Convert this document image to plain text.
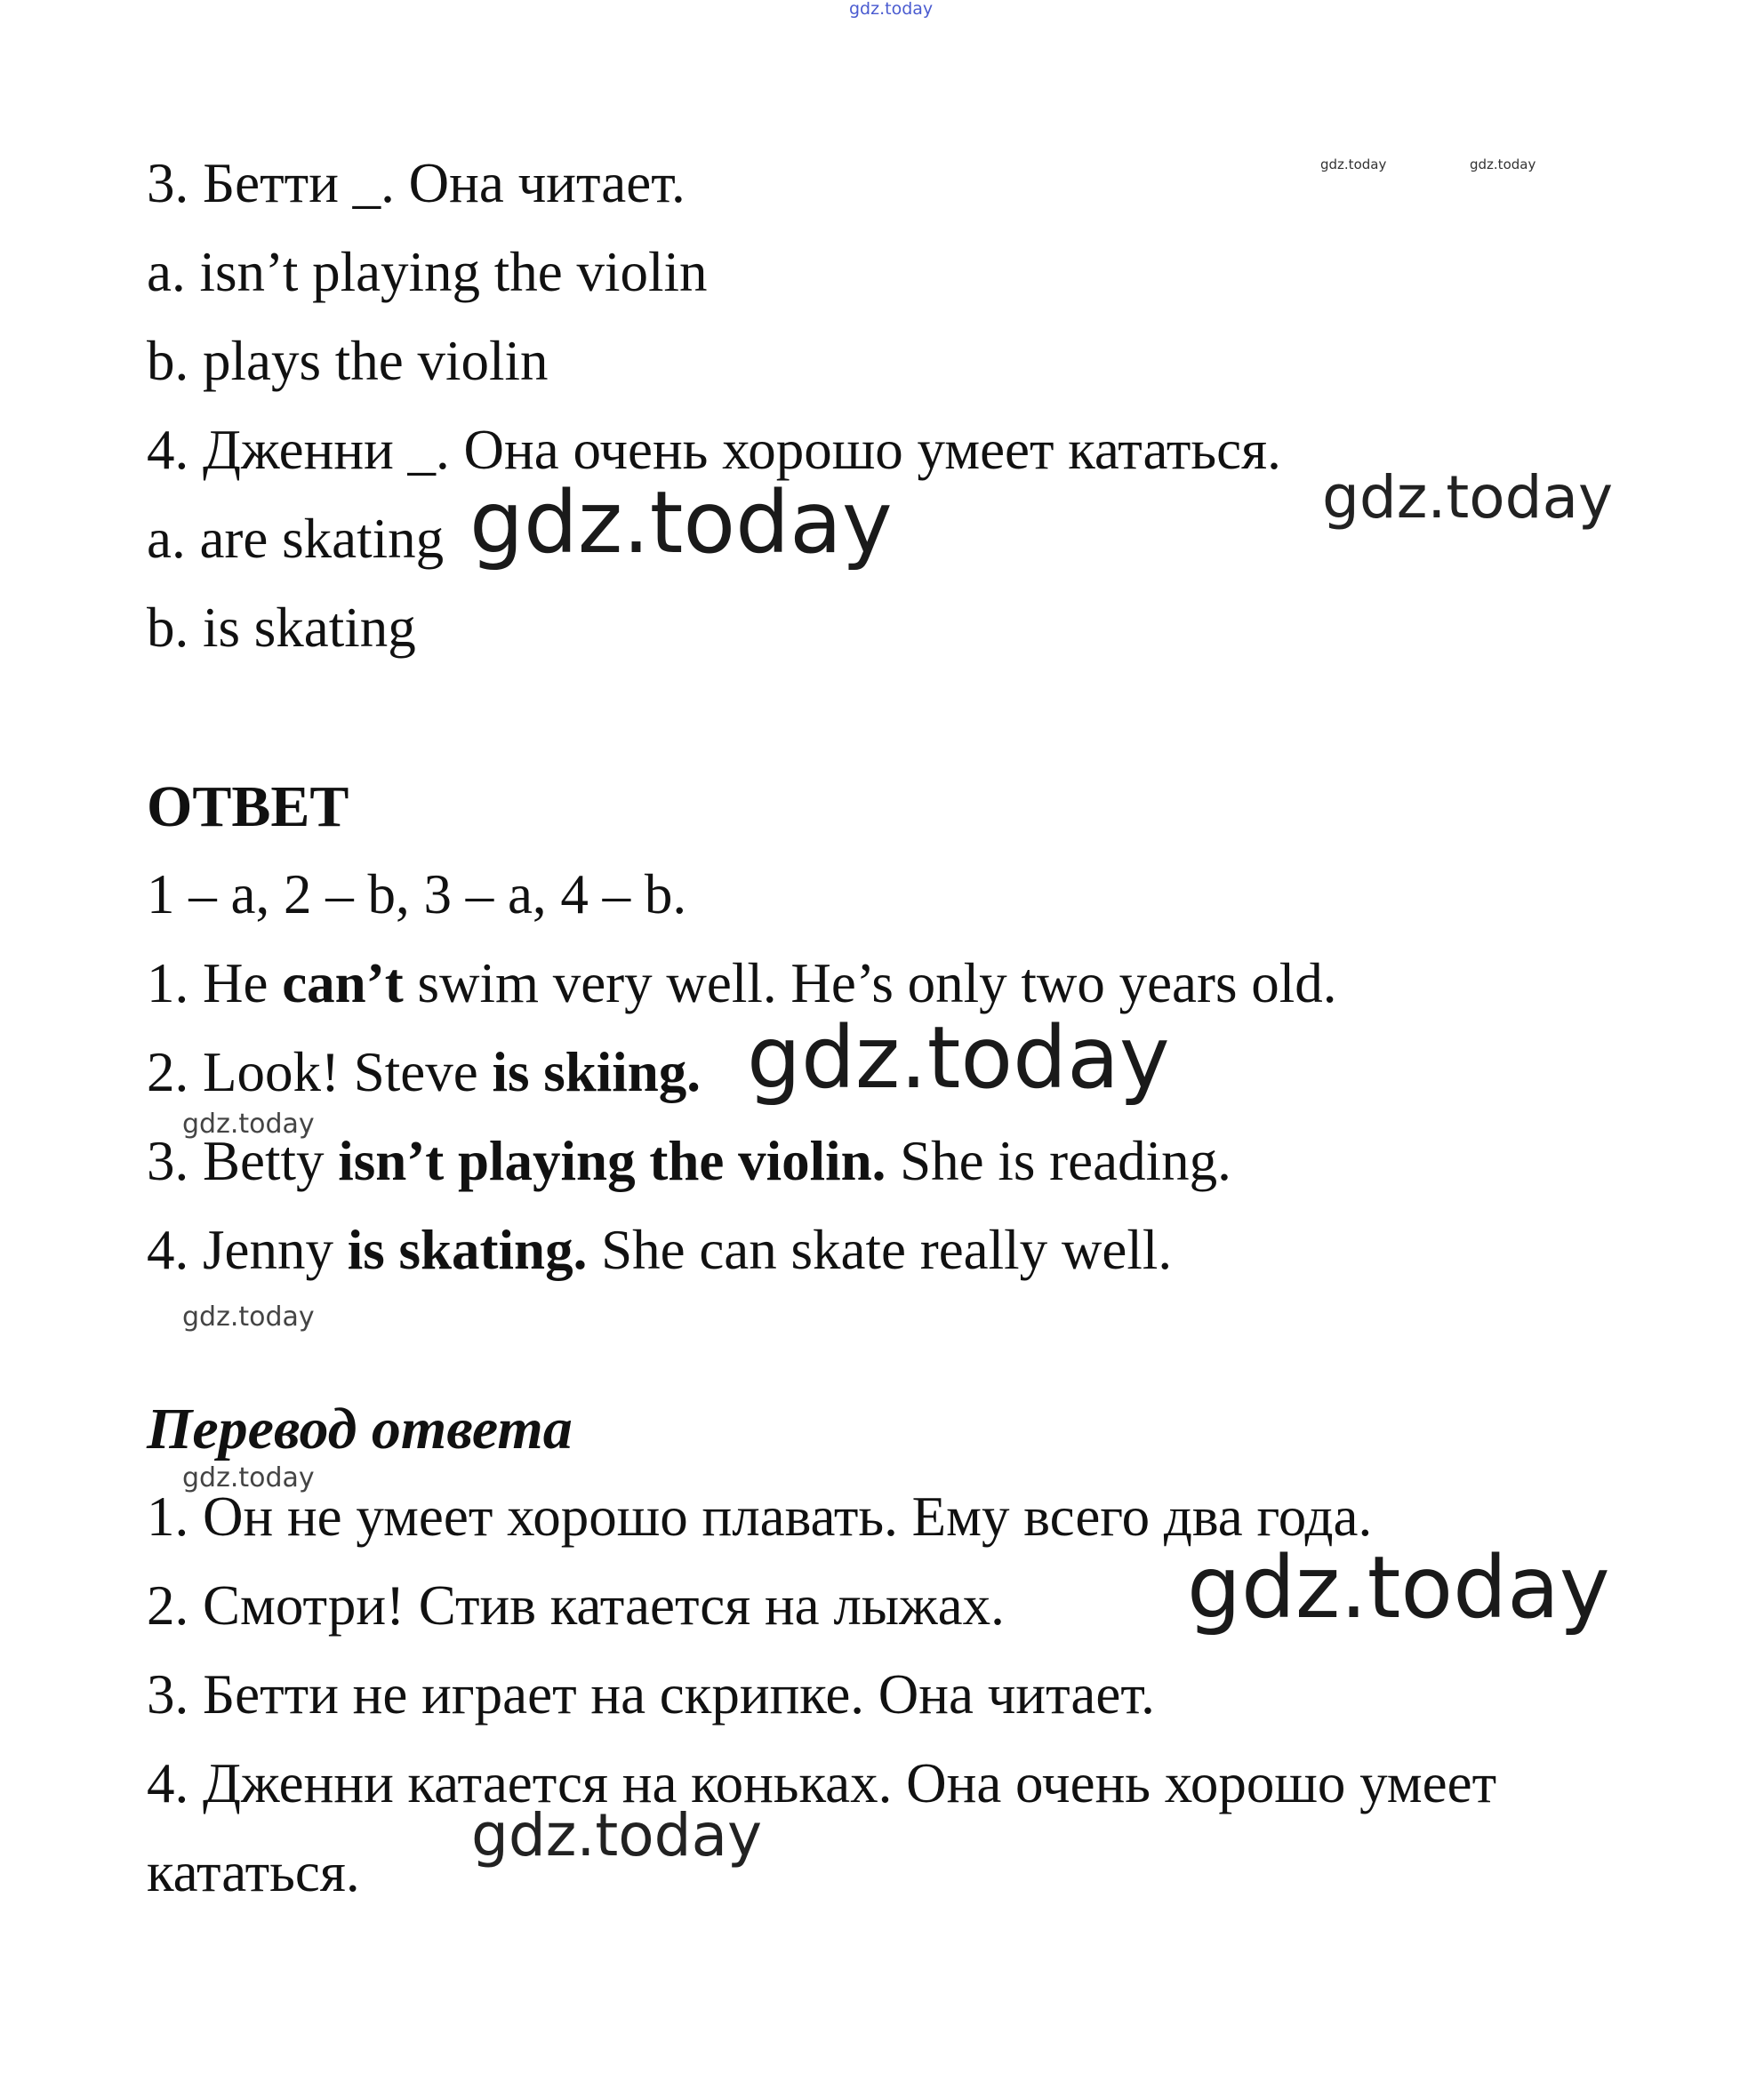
gdz.today
gdz.today	gdz.today
gdz.today
gdz.today
gdz.today
gdz.today
gdz.today
gdz.today
gdz.today
gdz.today

3. Бетти _. Она читает.

a. isn’t playing the violin

b. plays the violin

4. Дженни _. Она очень хорошо умеет кататься.

a. are skating

b. is skating

ОТВЕТ

1 – a, 2 – b, 3 – a, 4 – b.

1. He can’t swim very well. He’s only two years old.

2. Look! Steve is skiing.

3. Betty isn’t playing the violin. She is reading.

4. Jenny is skating. She can skate really well.

Перевод ответа

1. Он не умеет хорошо плавать. Ему всего два года.

2. Смотри! Стив катается на лыжах.

3. Бетти не играет на скрипке. Она читает.

4. Дженни катается на коньках. Она очень хорошо умеет

кататься.
